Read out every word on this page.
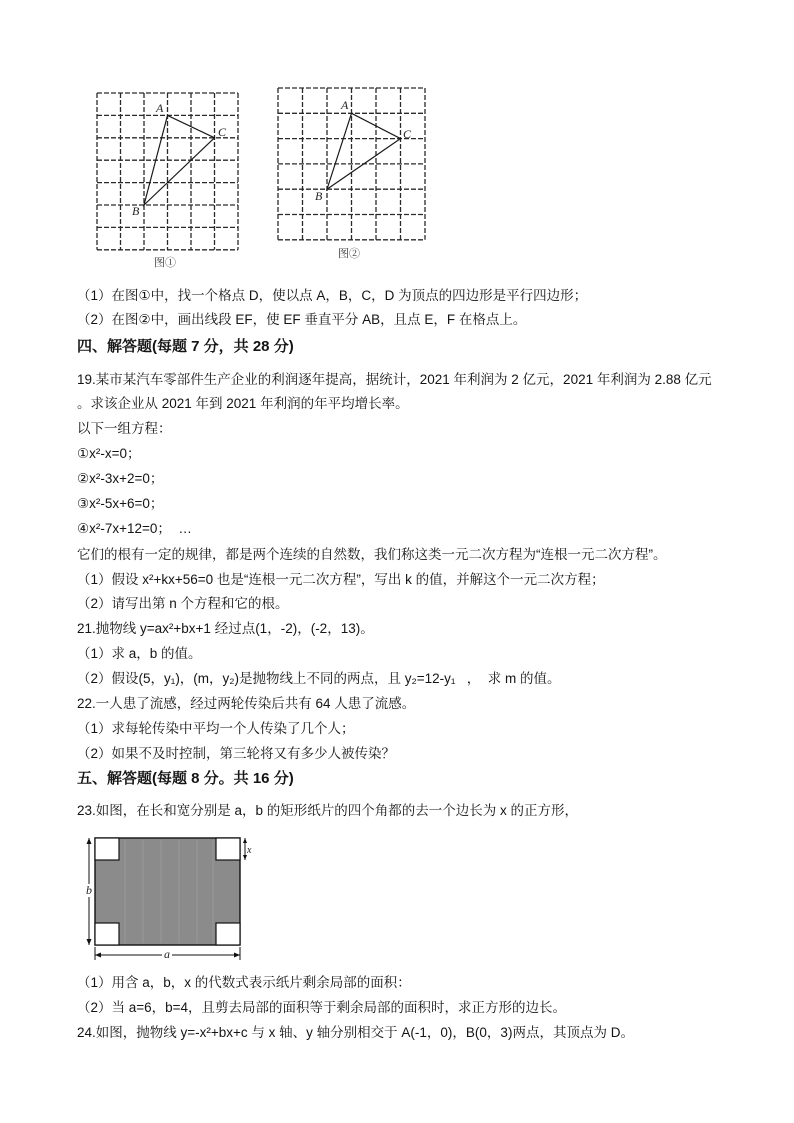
A
C
B
图①
A
C
B
图②
（1）在图①中，找一个格点 D，使以点 A，B，C，D 为顶点的四边形是平行四边形；
（2）在图②中，画出线段 EF，使 EF 垂直平分 AB，且点 E，F 在格点上。
四、解答题(每题 7 分，共 28 分)
19.某市某汽车零部件生产企业的利润逐年提高，据统计，2021 年利润为 2 亿元，2021 年利润为 2.88 亿元
。求该企业从 2021 年到 2021 年利润的年平均增长率。
以下一组方程：
①x²-x=0；
②x²-3x+2=0；
③x²-5x+6=0；
④x²-7x+12=0；  …
它们的根有一定的规律，都是两个连续的自然数，我们称这类一元二次方程为“连根一元二次方程”。
（1）假设 x²+kx+56=0 也是“连根一元二次方程”，写出 k 的值，并解这个一元二次方程；
（2）请写出第 n 个方程和它的根。
21.抛物线 y=ax²+bx+1 经过点(1，-2)，(-2，13)。
（1）求 a，b 的值。
（2）假设(5，y₁)，(m，y₂)是抛物线上不同的两点，且 y₂=12-y₁   ，  求 m 的值。
22.一人患了流感，经过两轮传染后共有 64 人患了流感。
（1）求每轮传染中平均一个人传染了几个人；
（2）如果不及时控制，第三轮将又有多少人被传染？
五、解答题(每题 8 分。共 16 分)
23.如图，在长和宽分别是 a，b 的矩形纸片的四个角都的去一个边长为 x 的正方形，
b
a
x
（1）用含 a，b，x 的代数式表示纸片剩余局部的面积：
（2）当 a=6，b=4，且剪去局部的面积等于剩余局部的面积时，求正方形的边长。
24.如图，抛物线 y=-x²+bx+c 与 x 轴、y 轴分别相交于 A(-1，0)，B(0，3)两点，其顶点为 D。
